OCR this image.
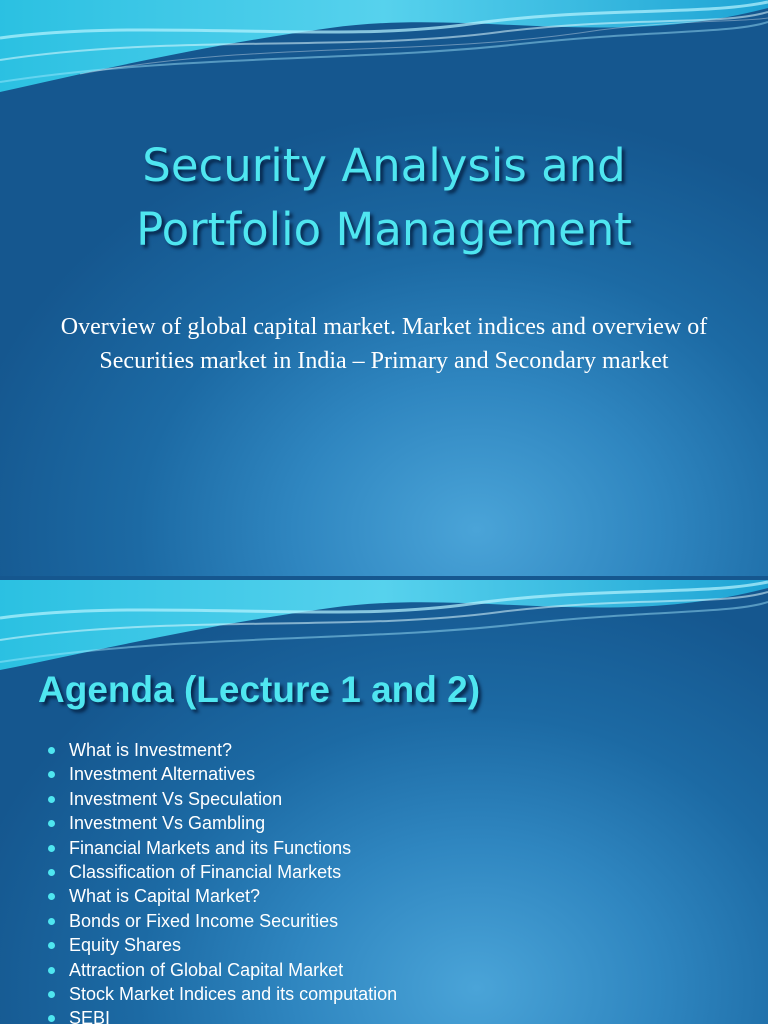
Security Analysis and
Portfolio Management

Overview of global capital market. Market indices and overview of Securities market in India – Primary and Secondary market

Agenda (Lecture 1 and 2)
What is Investment?
Investment Alternatives
Investment Vs Speculation
Investment Vs Gambling
Financial Markets and its Functions
Classification of Financial Markets
What is Capital Market?
Bonds or Fixed Income Securities
Equity Shares
Attraction of Global Capital Market
Stock Market Indices and its computation
SEBI
